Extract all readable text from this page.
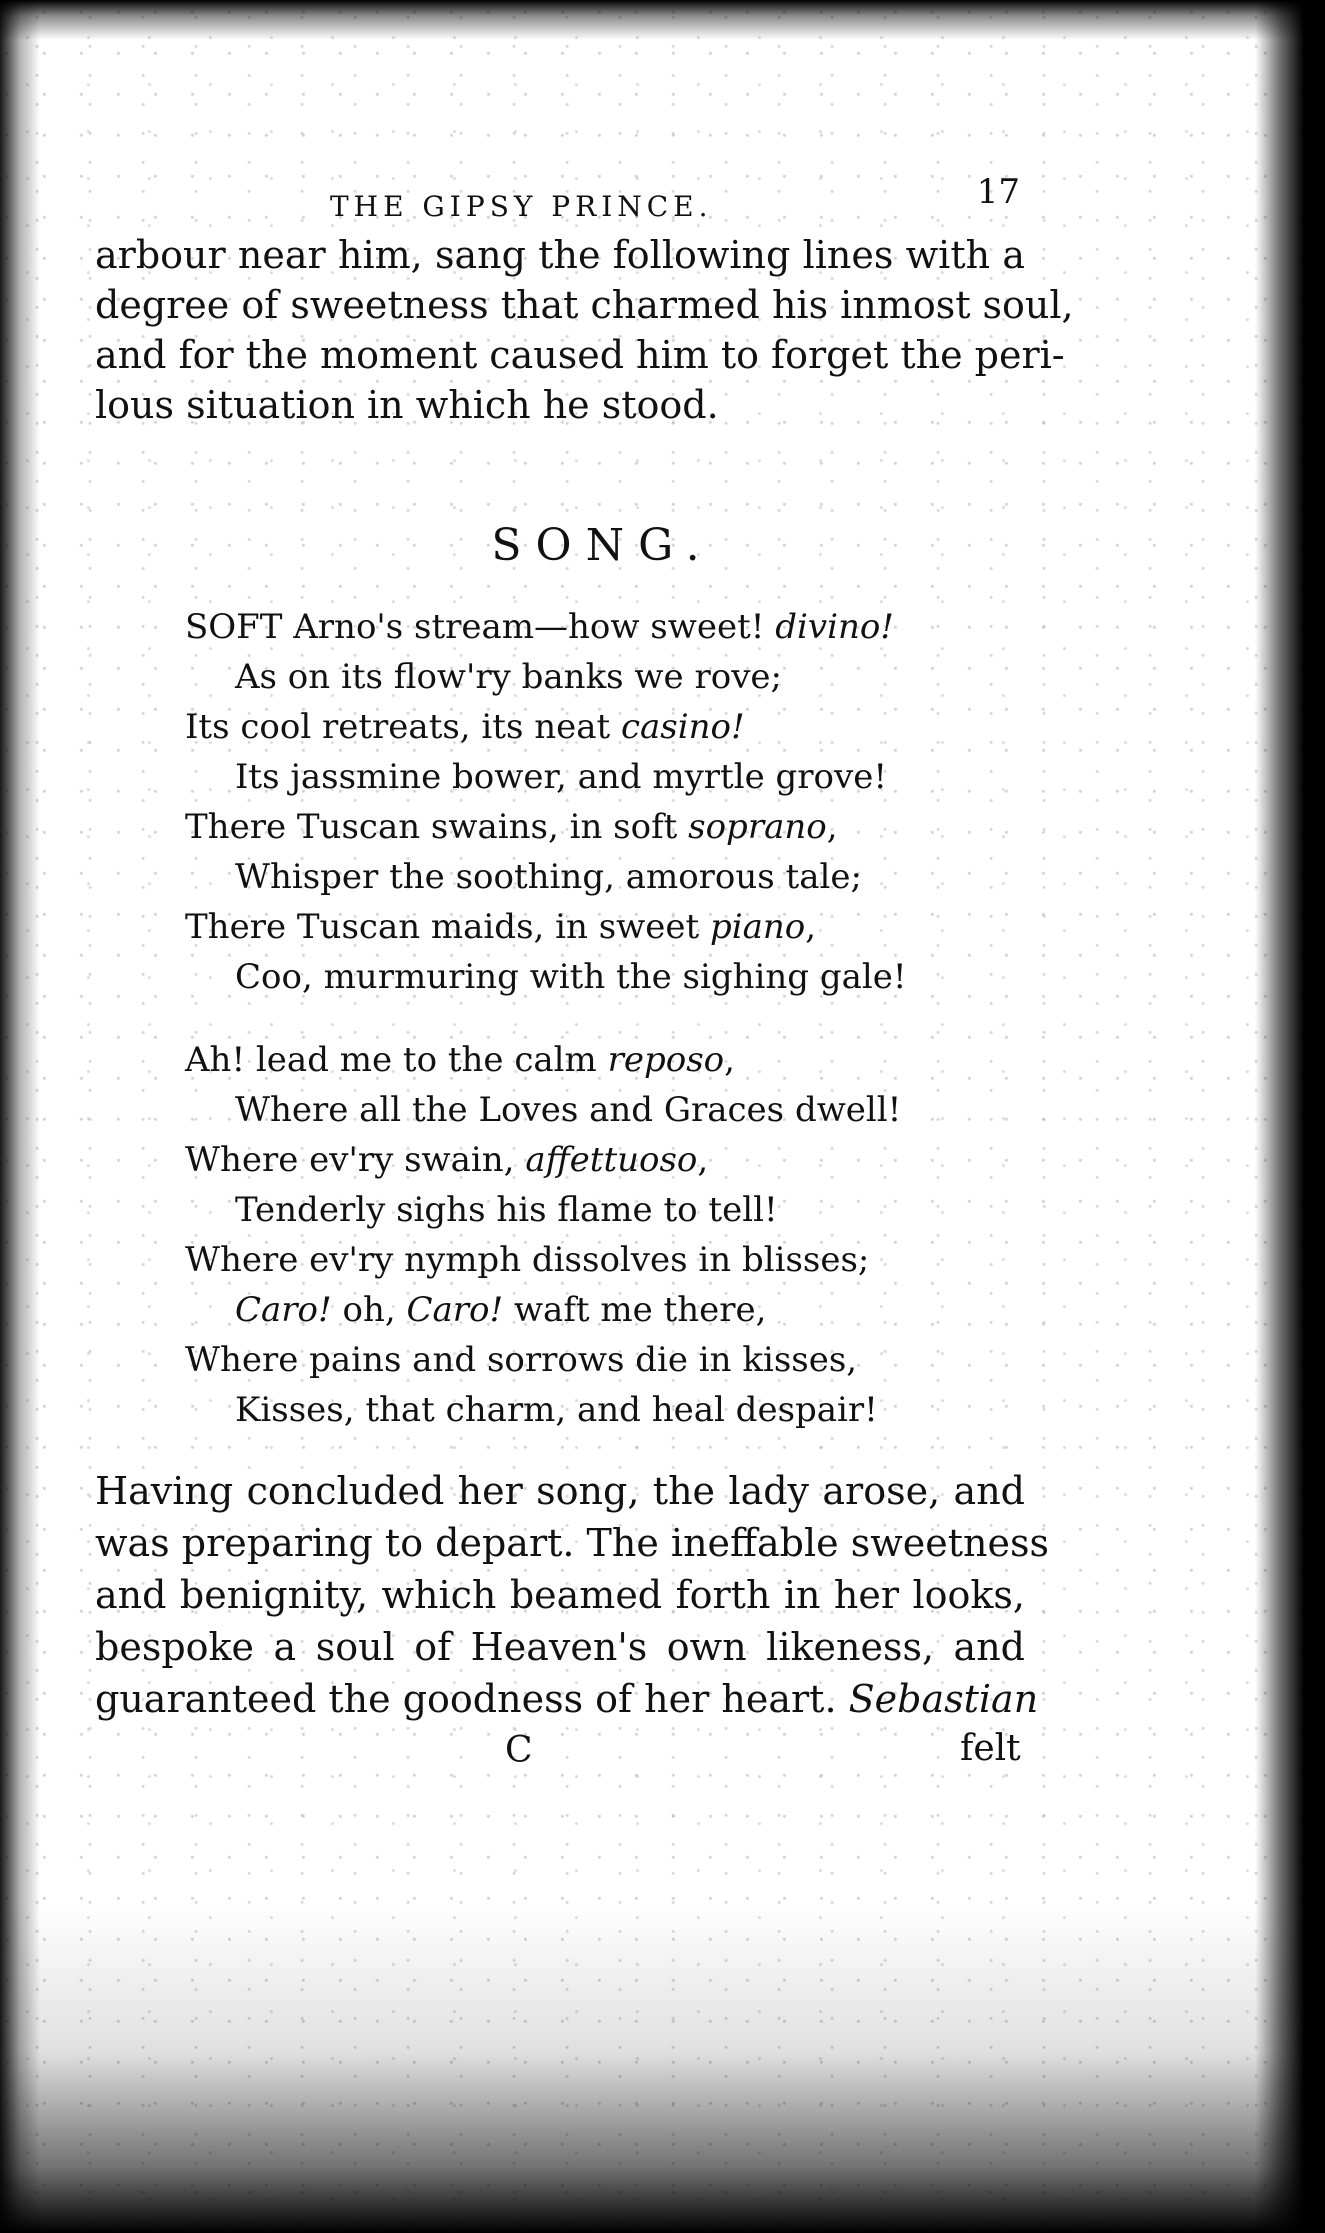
THE GIPSY PRINCE.	17
arbour near him, sang the following lines with a
degree of sweetness that charmed his inmost soul,
and for the moment caused him to forget the peri-
lous situation in which he stood.
SONG.
SOFT Arno's stream—how sweet! divino!
As on its flow'ry banks we rove;
Its cool retreats, its neat casino!
Its jassmine bower, and myrtle grove!
There Tuscan swains, in soft soprano,
Whisper the soothing, amorous tale;
There Tuscan maids, in sweet piano,
Coo, murmuring with the sighing gale!
Ah! lead me to the calm reposo,
Where all the Loves and Graces dwell!
Where ev'ry swain, affettuoso,
Tenderly sighs his flame to tell!
Where ev'ry nymph dissolves in blisses;
Caro! oh, Caro! waft me there,
Where pains and sorrows die in kisses,
Kisses, that charm, and heal despair!
Having concluded her song, the lady arose, and
was preparing to depart. The ineffable sweetness
and benignity, which beamed forth in her looks,
bespoke a soul of Heaven's own likeness, and
guaranteed the goodness of her heart. Sebastian
C	felt
